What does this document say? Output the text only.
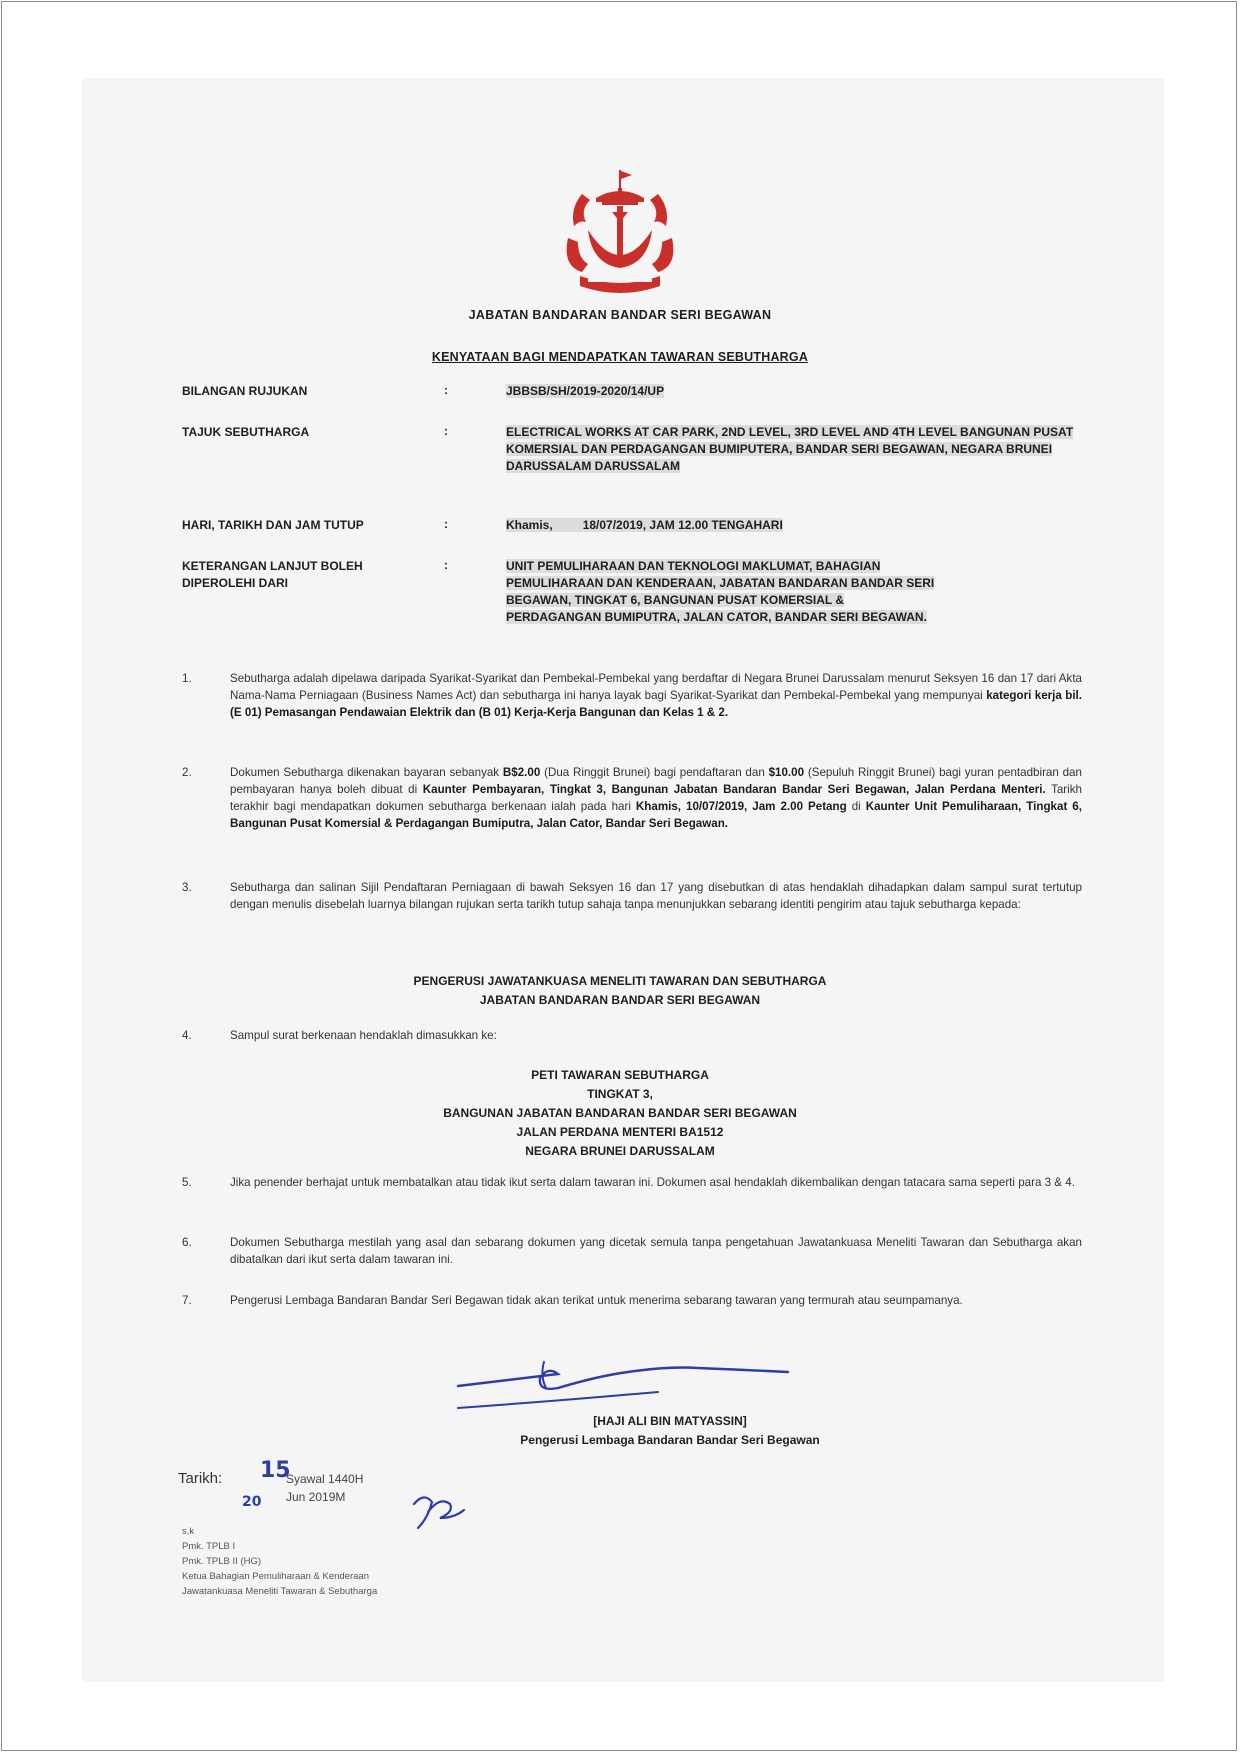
JABATAN BANDARAN BANDAR SERI BEGAWAN
KENYATAAN BAGI MENDAPATKAN TAWARAN SEBUTHARGA
BILANGAN RUJUKAN	:	JBBSB/SH/2019-2020/14/UP
TAJUK SEBUTHARGA	:	ELECTRICAL WORKS AT CAR PARK, 2ND LEVEL, 3RD LEVEL AND 4TH LEVEL BANGUNAN PUSAT KOMERSIAL DAN PERDAGANGAN BUMIPUTERA, BANDAR SERI BEGAWAN, NEGARA BRUNEI DARUSSALAM DARUSSALAM
HARI, TARIKH DAN JAM TUTUP	:	Khamis,         18/07/2019, JAM 12.00 TENGAHARI
KETERANGAN LANJUT BOLEH DIPEROLEHI DARI
:	UNIT PEMULIHARAAN DAN TEKNOLOGI MAKLUMAT, BAHAGIAN PEMULIHARAAN DAN KENDERAAN, JABATAN BANDARAN BANDAR SERI BEGAWAN, TINGKAT 6, BANGUNAN PUSAT KOMERSIAL & PERDAGANGAN BUMIPUTRA, JALAN CATOR, BANDAR SERI BEGAWAN.
1.	Sebutharga adalah dipelawa daripada Syarikat-Syarikat dan Pembekal-Pembekal yang berdaftar di Negara Brunei Darussalam menurut Seksyen 16 dan 17 dari Akta Nama-Nama Perniagaan (Business Names Act) dan sebutharga ini hanya layak bagi Syarikat-Syarikat dan Pembekal-Pembekal yang mempunyai kategori kerja bil. (E 01) Pemasangan Pendawaian Elektrik dan (B 01) Kerja-Kerja Bangunan dan Kelas 1 & 2.
2.	Dokumen Sebutharga dikenakan bayaran sebanyak B$2.00 (Dua Ringgit Brunei) bagi pendaftaran dan $10.00 (Sepuluh Ringgit Brunei) bagi yuran pentadbiran dan pembayaran hanya boleh dibuat di Kaunter Pembayaran, Tingkat 3, Bangunan Jabatan Bandaran Bandar Seri Begawan, Jalan Perdana Menteri. Tarikh terakhir bagi mendapatkan dokumen sebutharga berkenaan ialah pada hari Khamis, 10/07/2019, Jam 2.00 Petang di Kaunter Unit Pemuliharaan, Tingkat 6, Bangunan Pusat Komersial & Perdagangan Bumiputra, Jalan Cator, Bandar Seri Begawan.
3.	Sebutharga dan salinan Sijil Pendaftaran Perniagaan di bawah Seksyen 16 dan 17 yang disebutkan di atas hendaklah dihadapkan dalam sampul surat tertutup dengan menulis disebelah luarnya bilangan rujukan serta tarikh tutup sahaja tanpa menunjukkan sebarang identiti pengirim atau tajuk sebutharga kepada:
PENGERUSI JAWATANKUASA MENELITI TAWARAN DAN SEBUTHARGA
JABATAN BANDARAN BANDAR SERI BEGAWAN
4.	Sampul surat berkenaan hendaklah dimasukkan ke:
PETI TAWARAN SEBUTHARGA
TINGKAT 3,
BANGUNAN JABATAN BANDARAN BANDAR SERI BEGAWAN
JALAN PERDANA MENTERI BA1512
NEGARA BRUNEI DARUSSALAM
5.	Jika penender berhajat untuk membatalkan atau tidak ikut serta dalam tawaran ini. Dokumen asal hendaklah dikembalikan dengan tatacara sama seperti para 3 & 4.
6.	Dokumen Sebutharga mestilah yang asal dan sebarang dokumen yang dicetak semula tanpa pengetahuan Jawatankuasa Meneliti Tawaran dan Sebutharga akan dibatalkan dari ikut serta dalam tawaran ini.
7.	Pengerusi Lembaga Bandaran Bandar Seri Begawan tidak akan terikat untuk menerima sebarang tawaran yang termurah atau seumpamanya.
[HAJI ALI BIN MATYASSIN]
Pengerusi Lembaga Bandaran Bandar Seri Begawan
Tarikh: 15
Syawal 1440H
20 Jun 2019M
s.k
Pmk. TPLB I
Pmk. TPLB II (HG)
Ketua Bahagian Pemuliharaan & Kenderaan
Jawatankuasa Meneliti Tawaran & Sebutharga
